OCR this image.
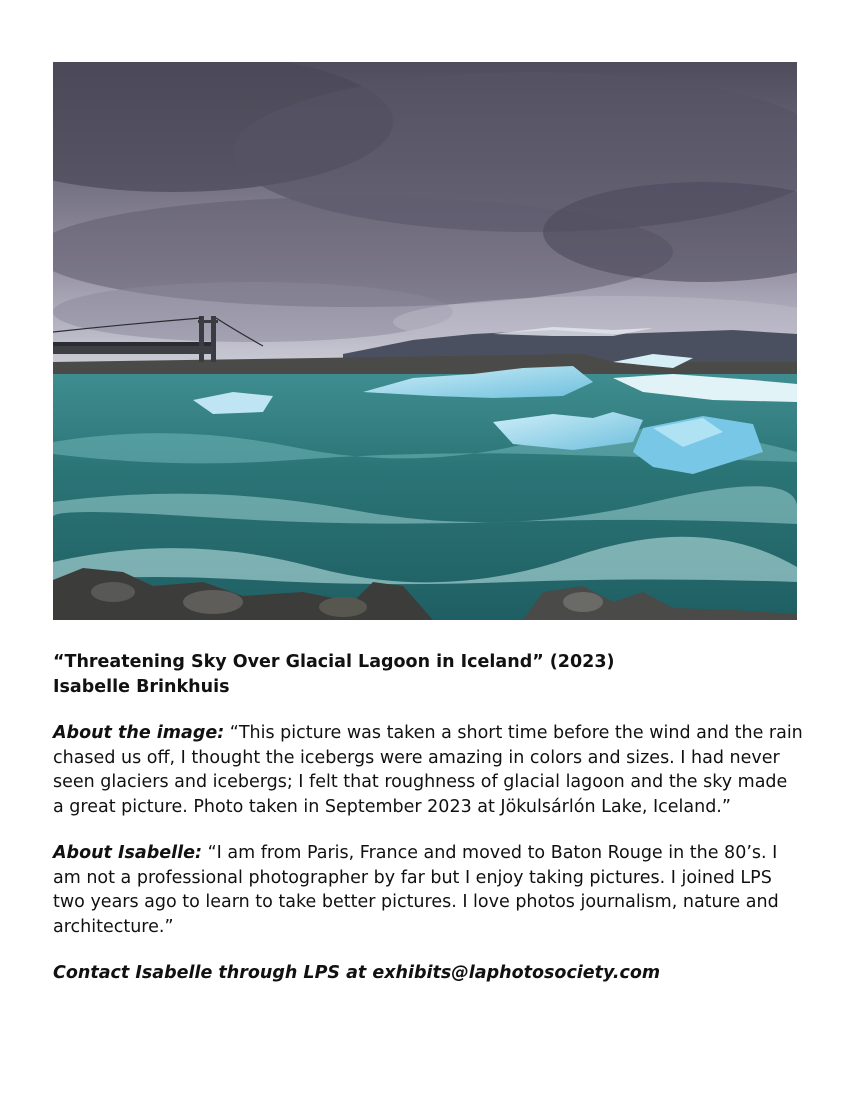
“Threatening Sky Over Glacial Lagoon in Iceland” (2023)
Isabelle Brinkhuis

About the image: “This picture was taken a short time before the wind and the rain chased us off, I thought the icebergs were amazing in colors and sizes. I had never seen glaciers and icebergs; I felt that roughness of glacial lagoon and the sky made a great picture. Photo taken in September 2023 at Jökulsárlón Lake, Iceland.”

About Isabelle: “I am from Paris, France and moved to Baton Rouge in the 80’s. I am not a professional photographer by far but I enjoy taking pictures. I joined LPS two years ago to learn to take better pictures. I love photos journalism, nature and architecture.”

Contact Isabelle through LPS at exhibits@laphotosociety.com
